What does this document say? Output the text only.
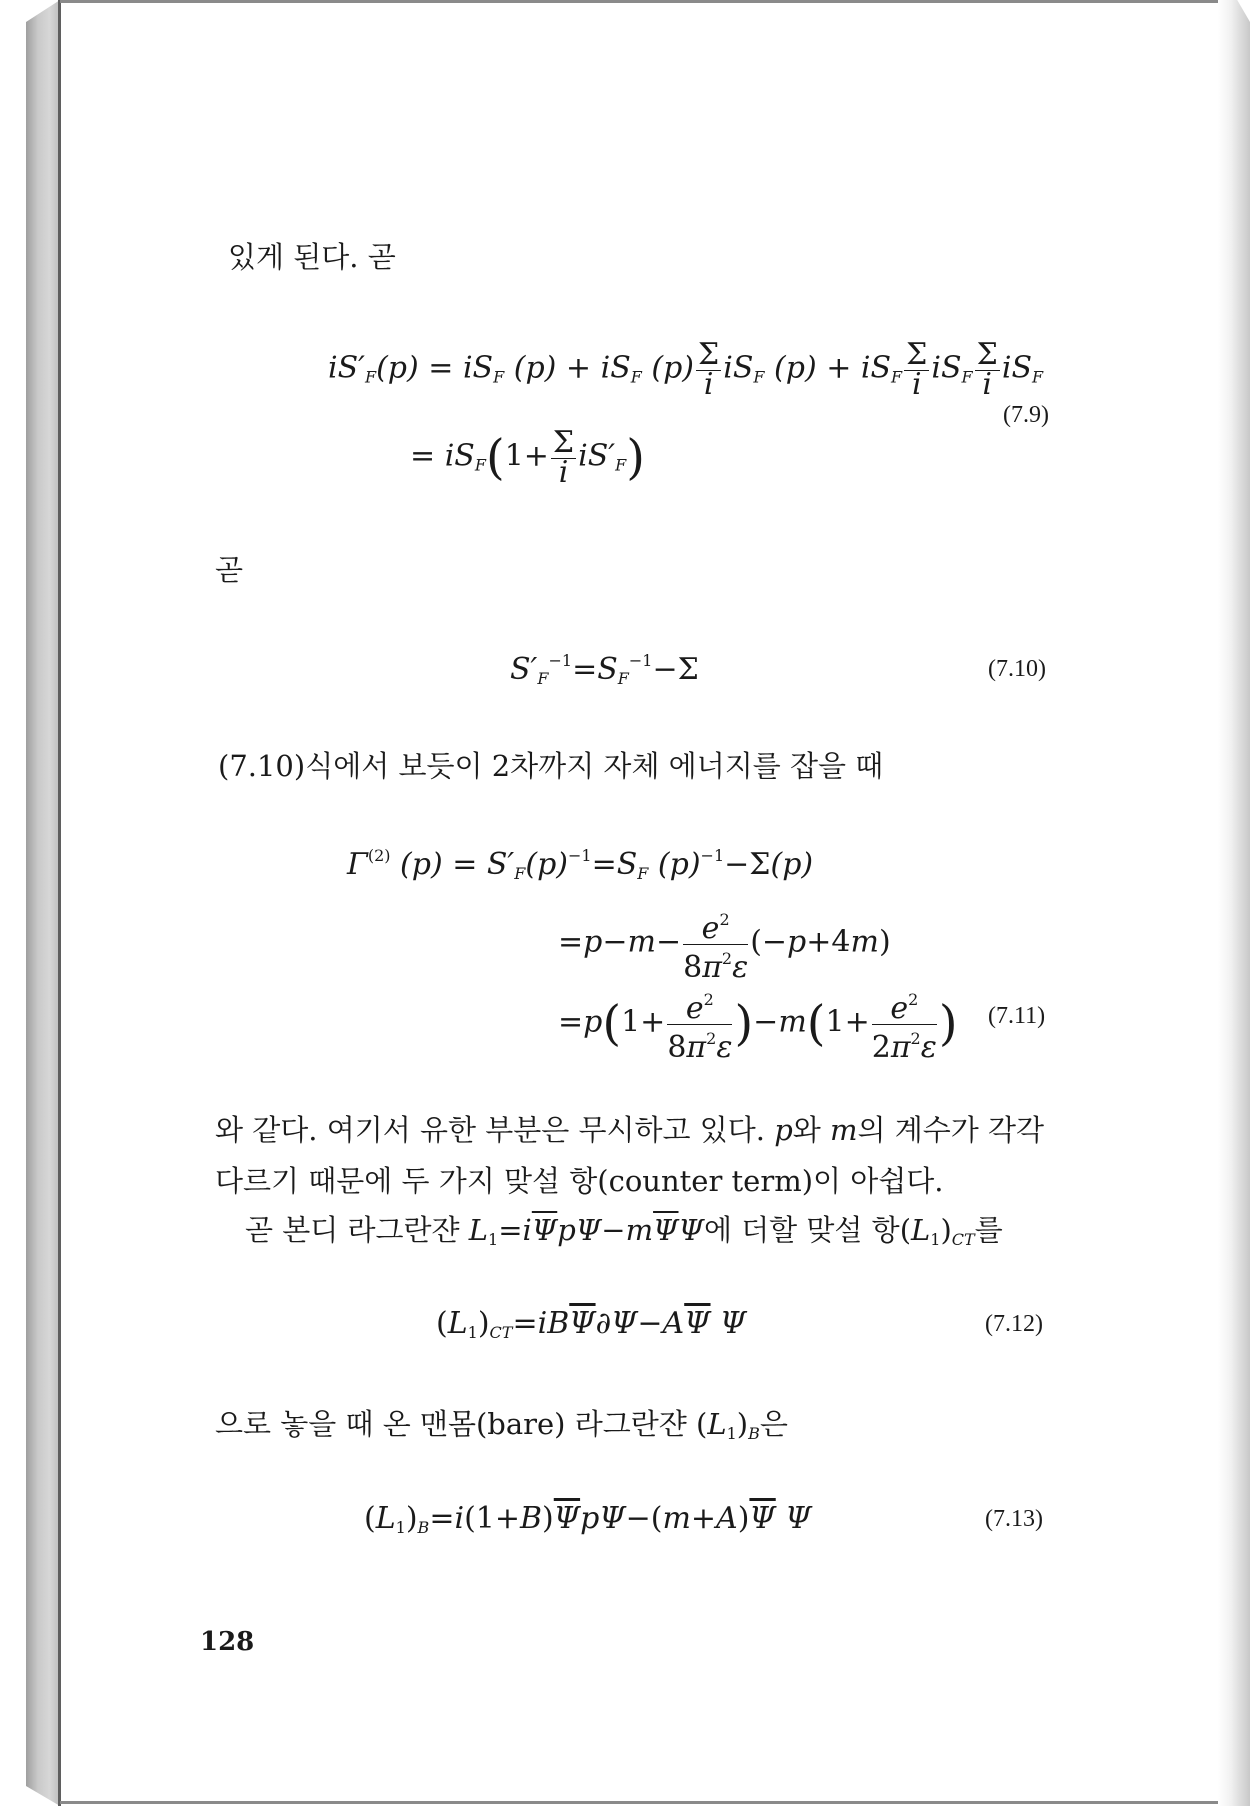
있게 된다. 곧
$iS'_F(p) = iS_F$ $(p) + iS_F$ $(p) \frac{\Sigma}{i} iS_F$ $(p) + iS_F \frac{\Sigma}{i} iS_F \frac{\Sigma}{i} iS_F$
= $iS_F(1+ \frac{\Sigma}{i} iS'_F)$
(7.9)
곧
$S'_F^{-1}=S_F^{-1}-\Sigma$	(7.10)
(7.10)식에서 보듯이 2차까지 자체 에너지를 잡을 때
$\Gamma^{(2)}$ $(p) = S'_F(p)^{-1}=S_F$ $(p)^{-1}-\Sigma(p)$
$=p-m- \frac{e^2}{8\pi^2\varepsilon} (-p+4m)$
$=p(1+ \frac{e^2}{8\pi^2\varepsilon} )-m(1+ \frac{e^2}{2\pi^2\varepsilon}$ ) (7.11)
와 같다. 여기서 유한 부분은 무시하고 있다. p와 m의 계수가 각각
다르기 때문에 두 가지 맞설 항(counter term)이 아쉽다.
곧 본디 라그란쟌 $L_1=i\overline{\Psi}p\Psi-m\overline{\Psi}\Psi$에 더할 맞설 항$(L_1)_{CT}$를
$(L_1)_{CT}=iB\overline{\Psi}\partial\Psi-A\overline{\Psi}$ Ψ	(7.12)
으로 놓을 때 온 맨몸(bare) 라그란쟌 $(L_1)_B$은
$(L_1)_B=i(1+B)\overline{\Psi}p\Psi-(m+A)\overline{\Psi}$ Ψ	(7.13)
128
